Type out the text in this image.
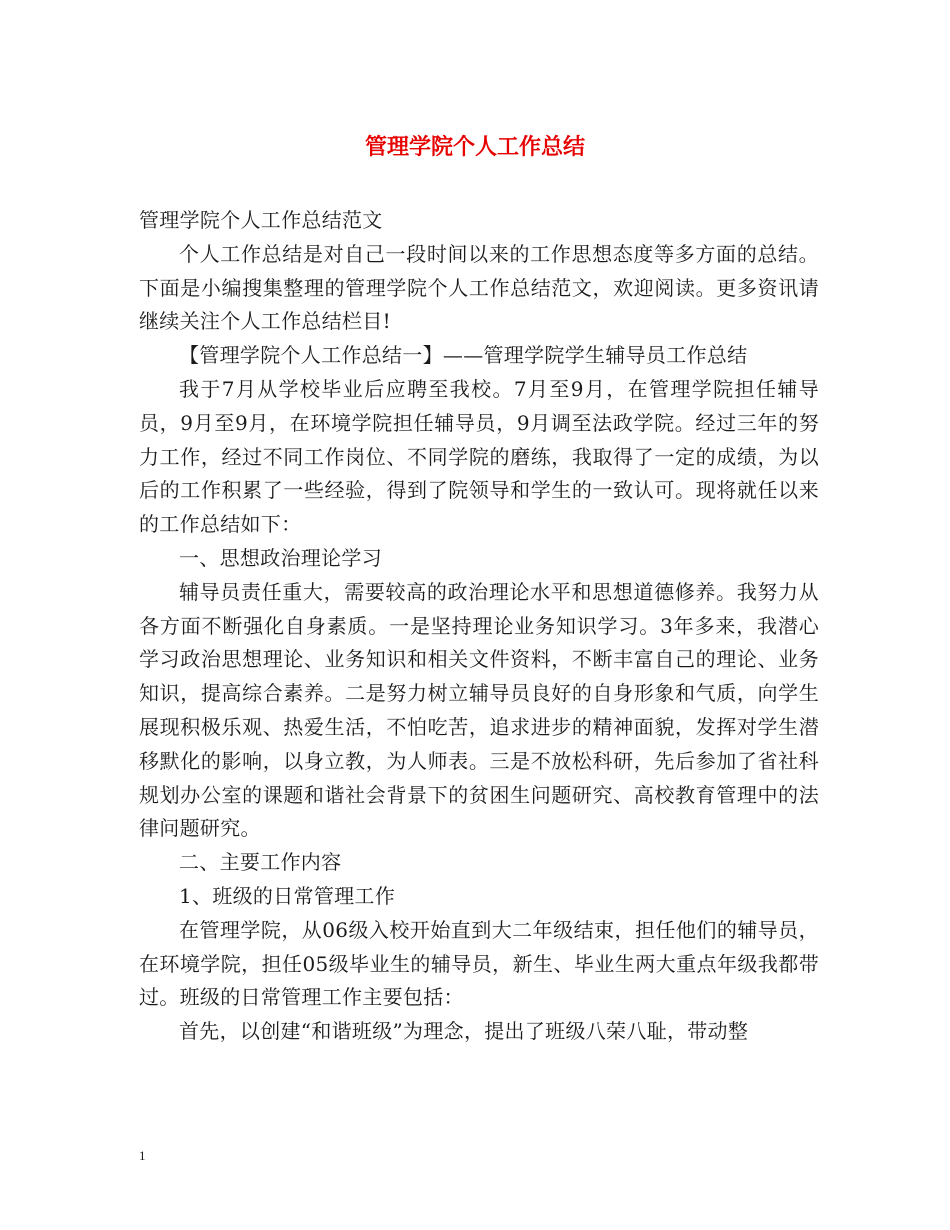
管理学院个人工作总结

管理学院个人工作总结范文

个人工作总结是对自己一段时间以来的工作思想态度等多方面的总结。下面是小编搜集整理的管理学院个人工作总结范文，欢迎阅读。更多资讯请继续关注个人工作总结栏目!

【管理学院个人工作总结一】——管理学院学生辅导员工作总结

我于7月从学校毕业后应聘至我校。7月至9月，在管理学院担任辅导员，9月至9月，在环境学院担任辅导员，9月调至法政学院。经过三年的努力工作，经过不同工作岗位、不同学院的磨练，我取得了一定的成绩，为以后的工作积累了一些经验，得到了院领导和学生的一致认可。现将就任以来的工作总结如下：

一、思想政治理论学习

辅导员责任重大，需要较高的政治理论水平和思想道德修养。我努力从各方面不断强化自身素质。一是坚持理论业务知识学习。3年多来，我潜心学习政治思想理论、业务知识和相关文件资料，不断丰富自己的理论、业务知识，提高综合素养。二是努力树立辅导员良好的自身形象和气质，向学生展现积极乐观、热爱生活，不怕吃苦，追求进步的精神面貌，发挥对学生潜移默化的影响，以身立教，为人师表。三是不放松科研，先后参加了省社科规划办公室的课题和谐社会背景下的贫困生问题研究、高校教育管理中的法律问题研究。

二、主要工作内容

1、班级的日常管理工作

在管理学院，从06级入校开始直到大二年级结束，担任他们的辅导员，在环境学院，担任05级毕业生的辅导员，新生、毕业生两大重点年级我都带过。班级的日常管理工作主要包括：

首先，以创建“和谐班级”为理念，提出了班级八荣八耻，带动整

1
